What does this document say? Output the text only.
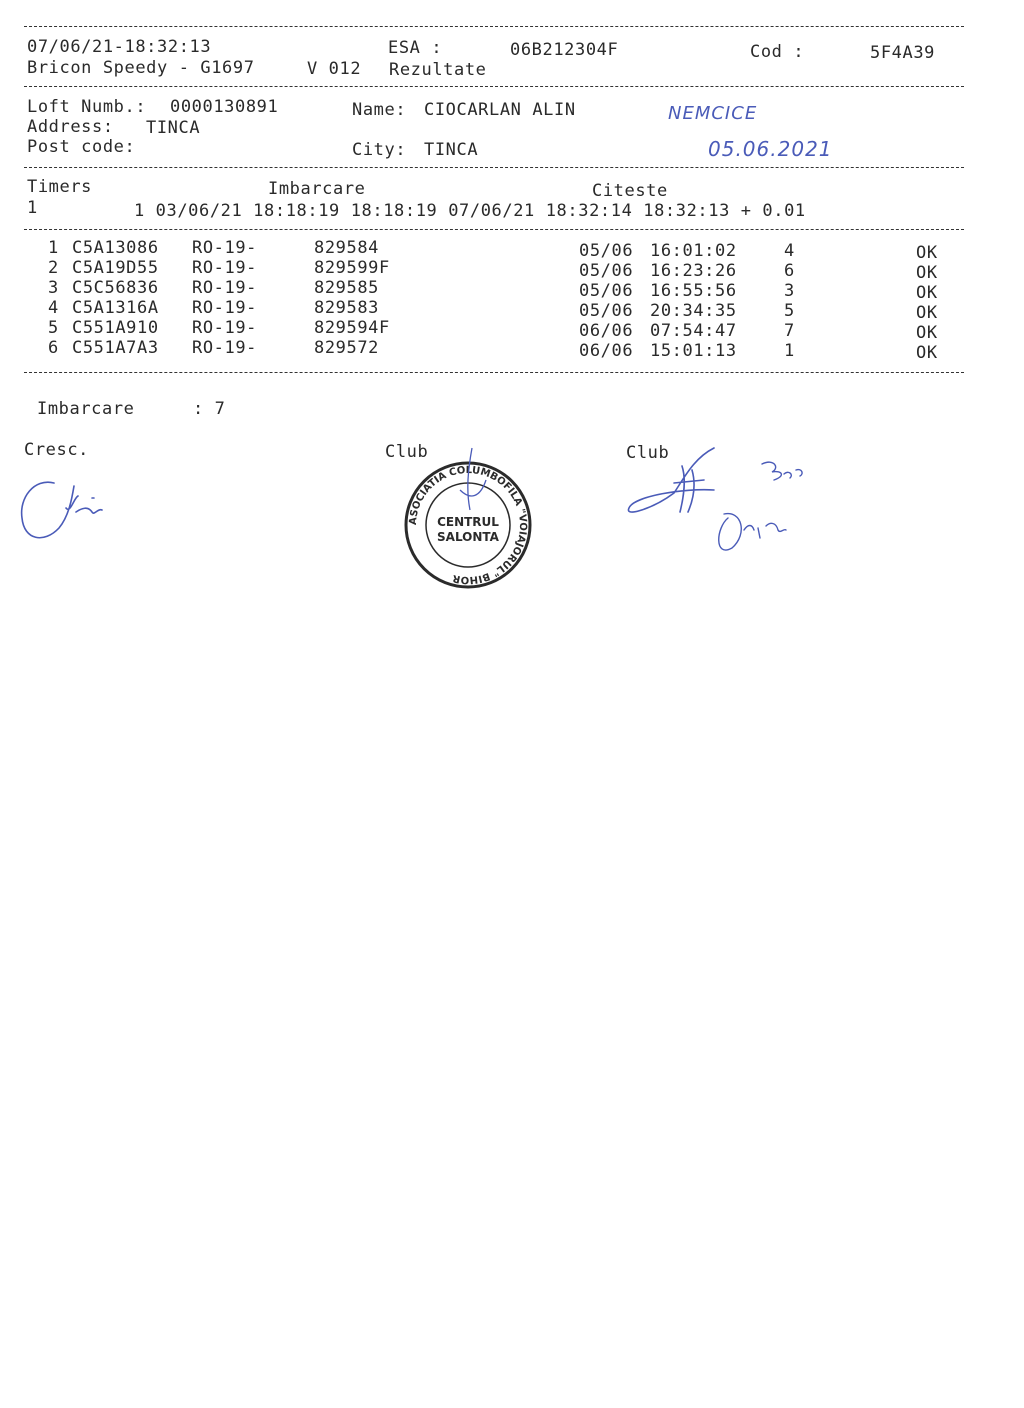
07/06/21-18:32:13
Bricon Speedy - G1697	V 012
ESA :	06B212304F
Rezultate
Cod :	5F4A39
Loft Numb.: 0000130891	Name: CIOCARLAN ALIN
Address: TINCA
Post code:	City: TINCA
NEMCICE
05.06.2021
Timers	Imbarcare	Citeste
1	1 03/06/21 18:18:19 18:18:19 07/06/21 18:32:14 18:32:13 + 0.01
1 C5A13086 RO-19-	829584	05/06 16:01:02	4	OK
2 C5A19D55 RO-19-	829599F	05/06 16:23:26	6	OK
3 C5C56836 RO-19-	829585	05/06 16:55:56	3	OK
4 C5A1316A RO-19-	829583	05/06 20:34:35	5	OK
5 C551A910 RO-19-	829594F	06/06 07:54:47	7	OK
6 C551A7A3 RO-19-	829572	06/06 15:01:13	1	OK
Imbarcare	: 7
Cresc.	Club	Club
ASOCIATIA COLUMBOFILA "VOIAJORUL" BIHOR
CENTRUL
SALONTA
